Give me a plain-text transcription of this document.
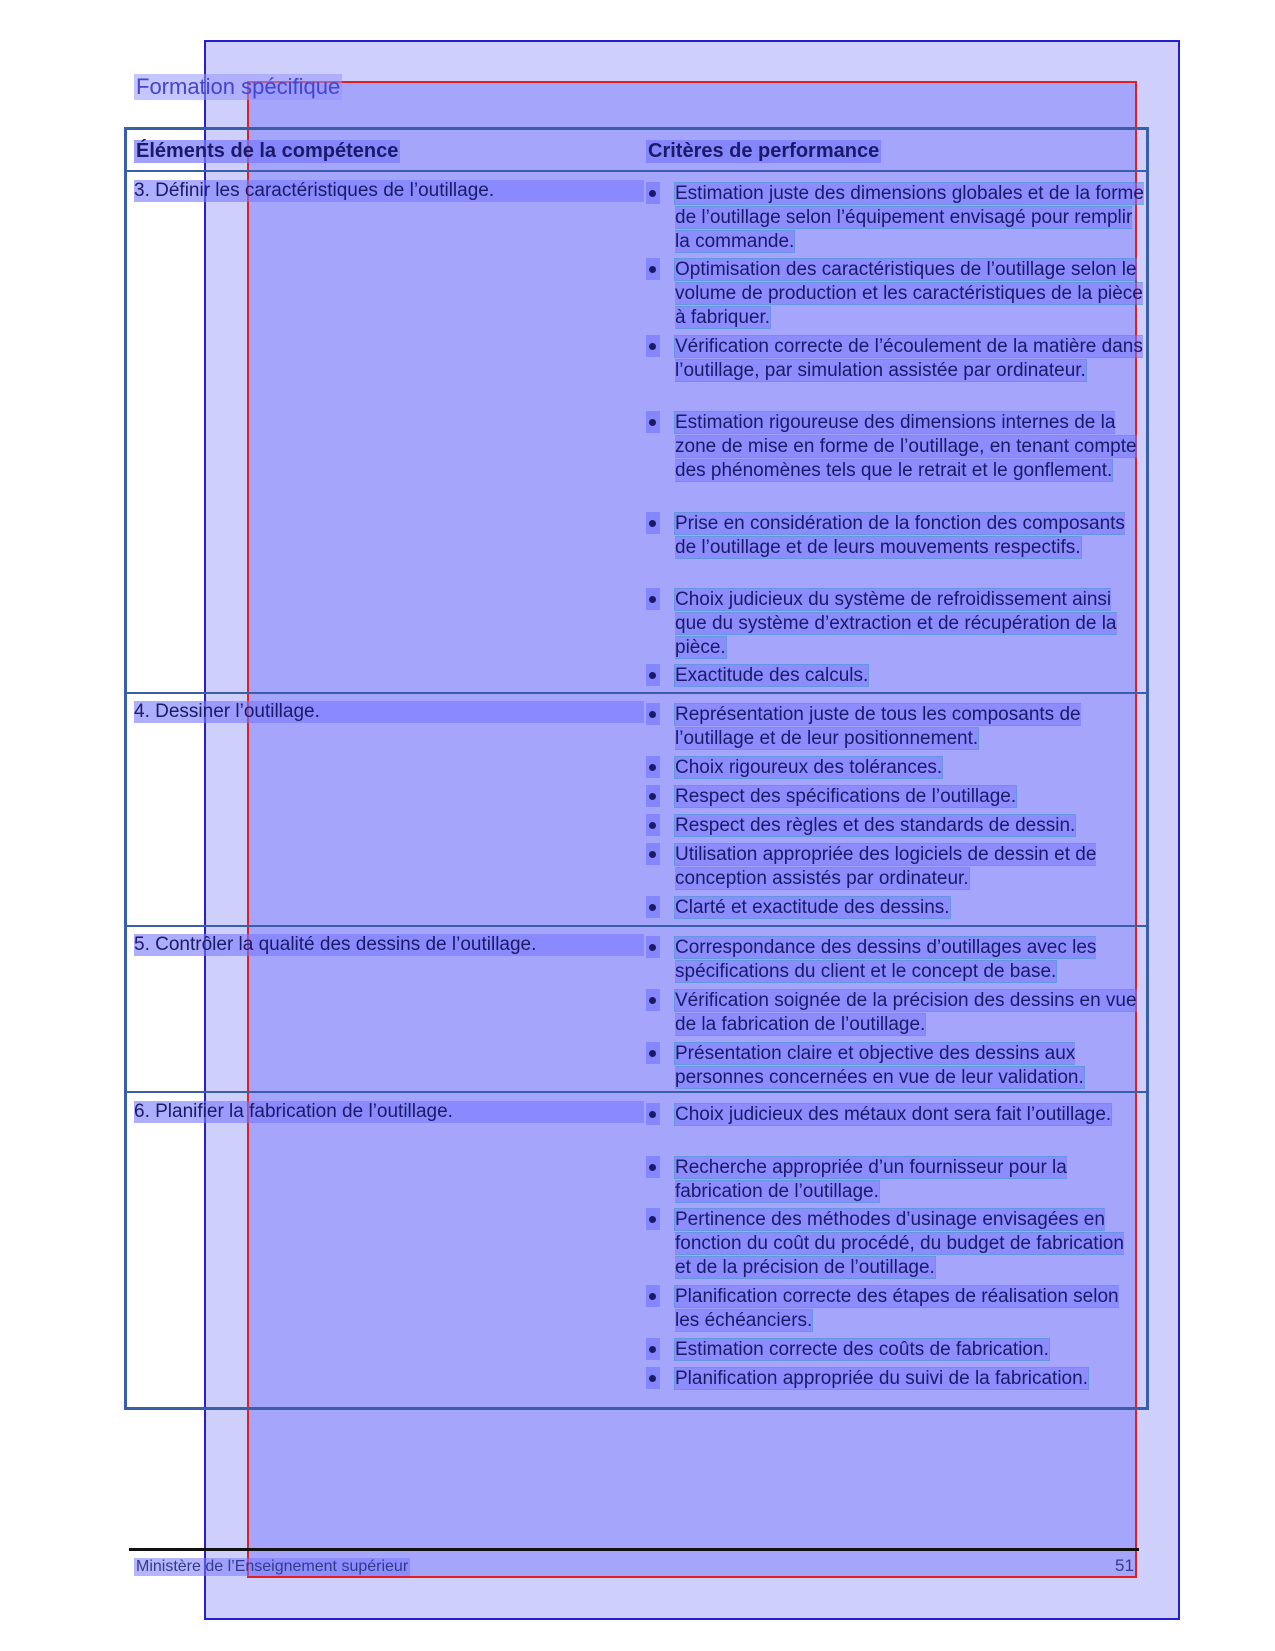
Formation spécifique
Éléments de la compétence	Critères de performance
3. Définir les caractéristiques de l’outillage.	Estimation juste des dimensions globales et de la forme de l’outillage selon l’équipement envisagé pour remplir la commande.
Optimisation des caractéristiques de l’outillage selon le volume de production et les caractéristiques de la pièce à fabriquer.
Vérification correcte de l’écoulement de la matière dans l’outillage, par simulation assistée par ordinateur.
Estimation rigoureuse des dimensions internes de la zone de mise en forme de l’outillage, en tenant compte des phénomènes tels que le retrait et le gonflement.
Prise en considération de la fonction des composants de l’outillage et de leurs mouvements respectifs.
Choix judicieux du système de refroidissement ainsi que du système d’extraction et de récupération de la pièce.
Exactitude des calculs.
4. Dessiner l’outillage.	Représentation juste de tous les composants de l’outillage et de leur positionnement.
Choix rigoureux des tolérances.
Respect des spécifications de l’outillage.
Respect des règles et des standards de dessin.
Utilisation appropriée des logiciels de dessin et de conception assistés par ordinateur.
Clarté et exactitude des dessins.
5. Contrôler la qualité des dessins de l’outillage.	Correspondance des dessins d’outillages avec les spécifications du client et le concept de base.
Vérification soignée de la précision des dessins en vue de la fabrication de l’outillage.
Présentation claire et objective des dessins aux personnes concernées en vue de leur validation.
6. Planifier la fabrication de l’outillage.	Choix judicieux des métaux dont sera fait l’outillage.
Recherche appropriée d’un fournisseur pour la fabrication de l’outillage.
Pertinence des méthodes d’usinage envisagées en fonction du coût du procédé, du budget de fabrication et de la précision de l’outillage.
Planification correcte des étapes de réalisation selon les échéanciers.
Estimation correcte des coûts de fabrication.
Planification appropriée du suivi de la fabrication.
Ministère de l’Enseignement supérieur	51
